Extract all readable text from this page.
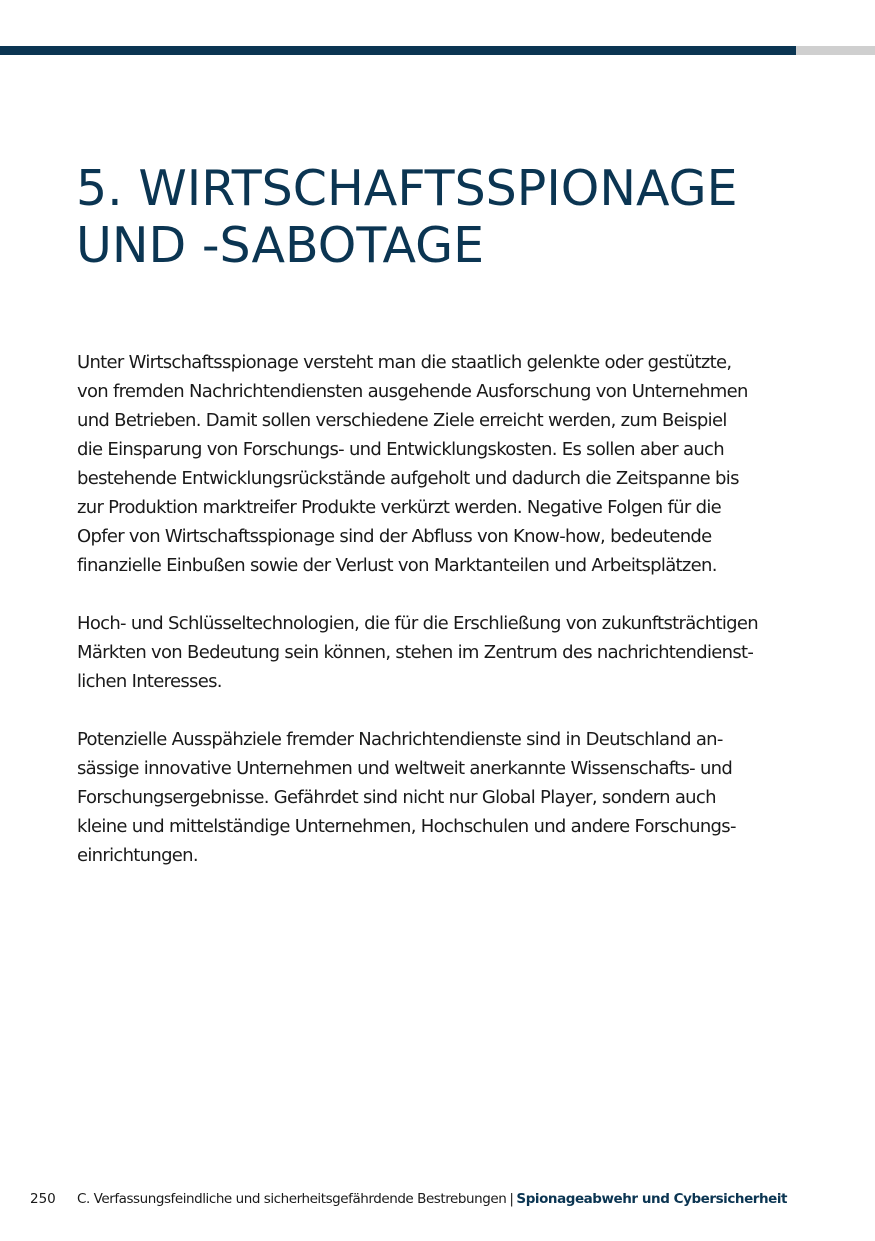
5. WIRTSCHAFTSSPIONAGE
UND -SABOTAGE

Unter Wirtschaftsspionage versteht man die staatlich gelenkte oder gestützte,
von fremden Nachrichtendiensten ausgehende Ausforschung von Unternehmen
und Betrieben. Damit sollen verschiedene Ziele erreicht werden, zum Beispiel
die Einsparung von Forschungs- und Entwicklungskosten. Es sollen aber auch
bestehende Entwicklungsrückstände aufgeholt und dadurch die Zeitspanne bis
zur Produktion marktreifer Produkte verkürzt werden. Negative Folgen für die
Opfer von Wirtschaftsspionage sind der Abfluss von Know-how, bedeutende
finanzielle Einbußen sowie der Verlust von Marktanteilen und Arbeitsplätzen.

Hoch- und Schlüsseltechnologien, die für die Erschließung von zukunftsträchtigen
Märkten von Bedeutung sein können, stehen im Zentrum des nachrichtendienst-
lichen Interesses.

Potenzielle Ausspähziele fremder Nachrichtendienste sind in Deutschland an-
sässige innovative Unternehmen und weltweit anerkannte Wissenschafts- und
Forschungsergebnisse. Gefährdet sind nicht nur Global Player, sondern auch
kleine und mittelständige Unternehmen, Hochschulen und andere Forschungs-
einrichtungen.

250 C. Verfassungsfeindliche und sicherheitsgefährdende Bestrebungen | Spionageabwehr und Cybersicherheit
